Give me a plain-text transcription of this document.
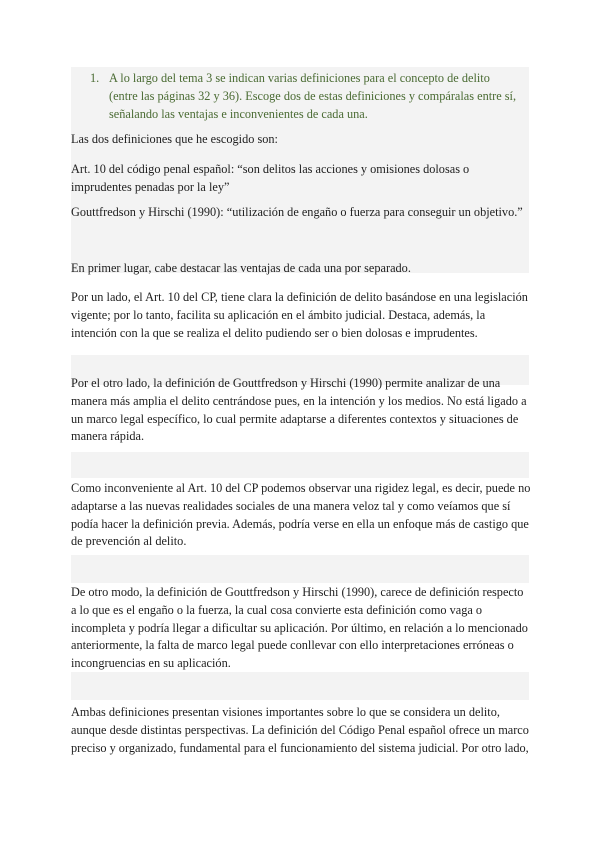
1. A lo largo del tema 3 se indican varias definiciones para el concepto de delito (entre las páginas 32 y 36). Escoge dos de estas definiciones y compáralas entre sí, señalando las ventajas e inconvenientes de cada una.

Las dos definiciones que he escogido son:

Art. 10 del código penal español: “son delitos las acciones y omisiones dolosas o imprudentes penadas por la ley”

Gouttfredson y Hirschi (1990): “utilización de engaño o fuerza para conseguir un objetivo.”

En primer lugar, cabe destacar las ventajas de cada una por separado.

Por un lado, el Art. 10 del CP, tiene clara la definición de delito basándose en una legislación vigente; por lo tanto, facilita su aplicación en el ámbito judicial. Destaca, además, la intención con la que se realiza el delito pudiendo ser o bien dolosas e imprudentes.

Por el otro lado, la definición de Gouttfredson y Hirschi (1990) permite analizar de una manera más amplia el delito centrándose pues, en la intención y los medios. No está ligado a un marco legal específico, lo cual permite adaptarse a diferentes contextos y situaciones de manera rápida.

Como inconveniente al Art. 10 del CP podemos observar una rigidez legal, es decir, puede no adaptarse a las nuevas realidades sociales de una manera veloz tal y como veíamos que sí podía hacer la definición previa. Además, podría verse en ella un enfoque más de castigo que de prevención al delito.

De otro modo, la definición de Gouttfredson y Hirschi (1990), carece de definición respecto a lo que es el engaño o la fuerza, la cual cosa convierte esta definición como vaga o incompleta y podría llegar a dificultar su aplicación. Por último, en relación a lo mencionado anteriormente, la falta de marco legal puede conllevar con ello interpretaciones erróneas o incongruencias en su aplicación.

Ambas definiciones presentan visiones importantes sobre lo que se considera un delito, aunque desde distintas perspectivas. La definición del Código Penal español ofrece un marco preciso y organizado, fundamental para el funcionamiento del sistema judicial. Por otro lado,
